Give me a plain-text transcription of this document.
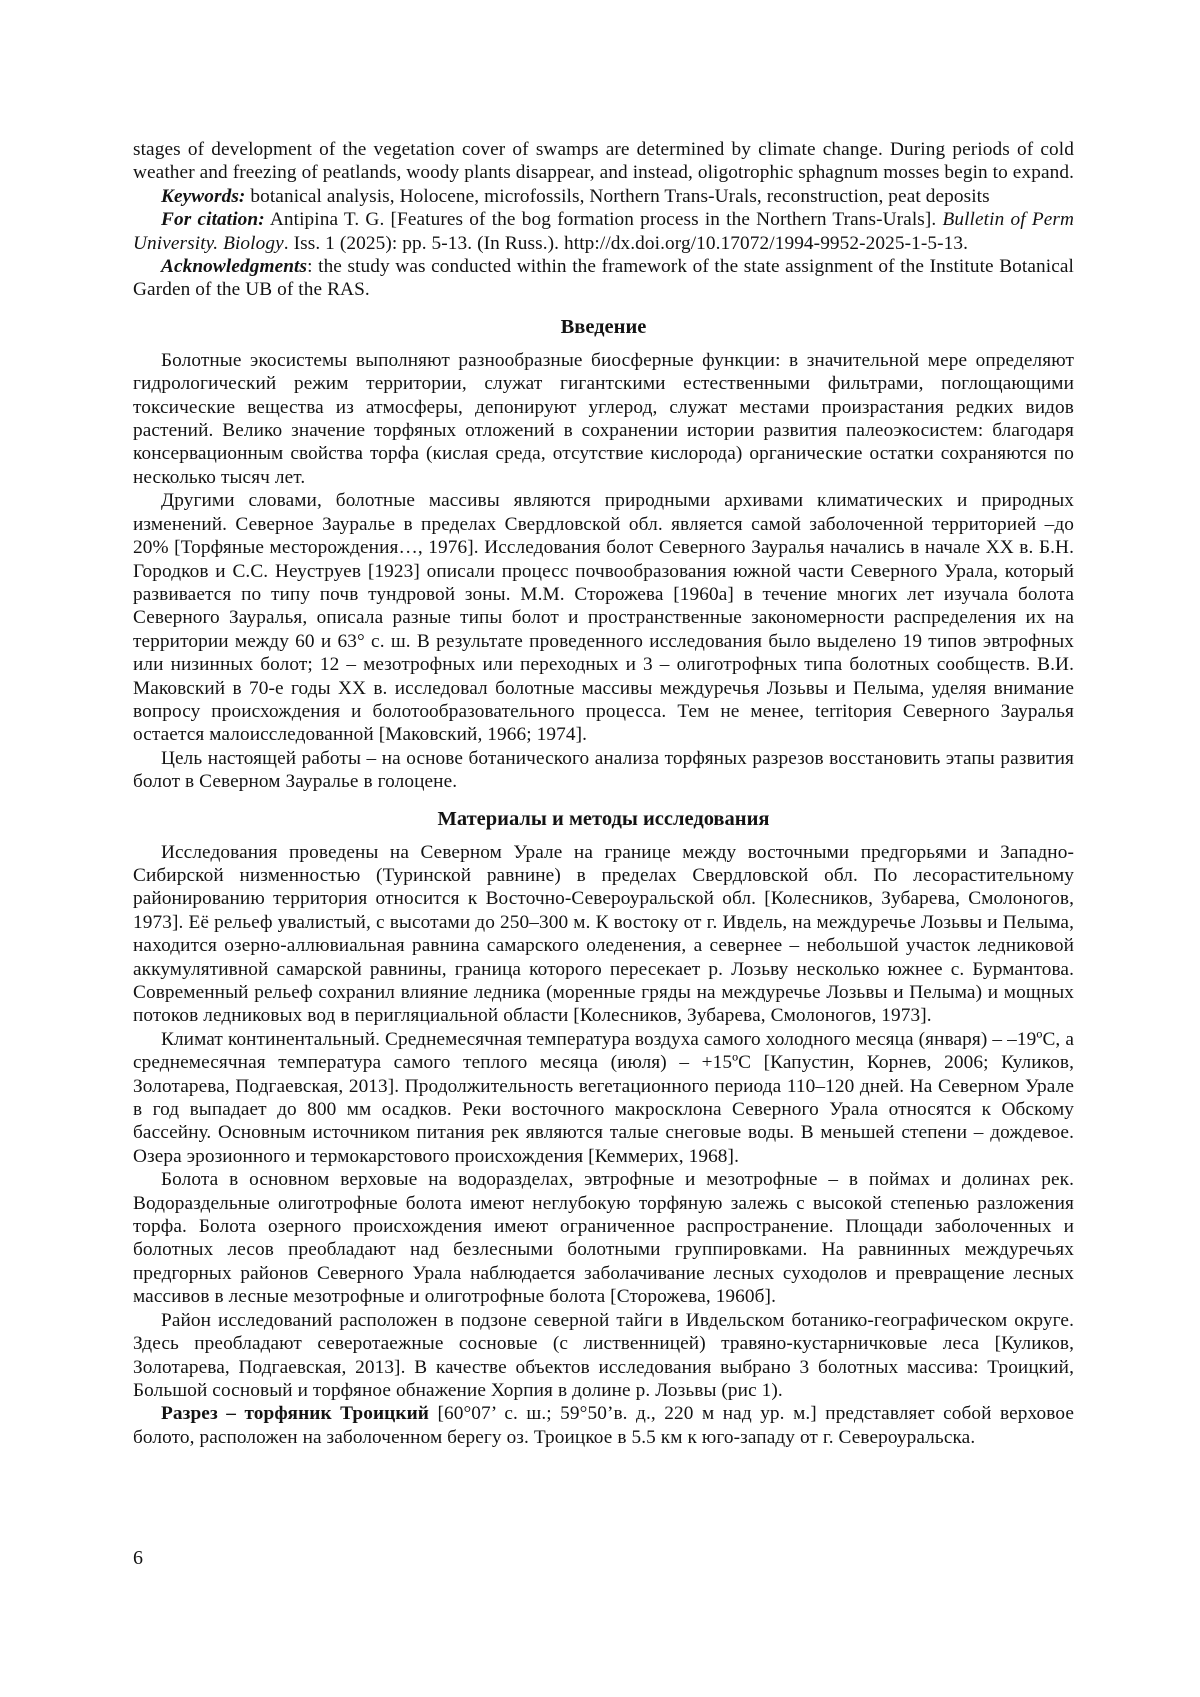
stages of development of the vegetation cover of swamps are determined by climate change. During periods of cold weather and freezing of peatlands, woody plants disappear, and instead, oligotrophic sphagnum mosses begin to expand.

Keywords: botanical analysis, Holocene, microfossils, Northern Trans-Urals, reconstruction, peat deposits

For citation: Antipina T. G. [Features of the bog formation process in the Northern Trans-Urals]. Bulletin of Perm University. Biology. Iss. 1 (2025): pp. 5-13. (In Russ.). http://dx.doi.org/10.17072/1994-9952-2025-1-5-13.

Acknowledgments: the study was conducted within the framework of the state assignment of the Institute Botanical Garden of the UB of the RAS.

Введение

Болотные экосистемы выполняют разнообразные биосферные функции: в значительной мере определяют гидрологический режим территории, служат гигантскими естественными фильтрами, поглощающими токсические вещества из атмосферы, депонируют углерод, служат местами произрастания редких видов растений. Велико значение торфяных отложений в сохранении истории развития палеоэкосистем: благодаря консервационным свойства торфа (кислая среда, отсутствие кислорода) органические остатки сохраняются по несколько тысяч лет.

Другими словами, болотные массивы являются природными архивами климатических и природных изменений. Северное Зауралье в пределах Свердловской обл. является самой заболоченной территорией –до 20% [Торфяные месторождения…, 1976]. Исследования болот Северного Зауралья начались в начале XX в. Б.Н. Городков и С.С. Неуструев [1923] описали процесс почвообразования южной части Северного Урала, который развивается по типу почв тундровой зоны. М.М. Сторожева [1960а] в течение многих лет изучала болота Северного Зауралья, описала разные типы болот и пространственные закономерности распределения их на территории между 60 и 63° с. ш. В результате проведенного исследования было выделено 19 типов эвтрофных или низинных болот; 12 – мезотрофных или переходных и 3 – олиготрофных типа болотных сообществ. В.И. Маковский в 70-е годы XX в. исследовал болотные массивы междуречья Лозьвы и Пелыма, уделяя внимание вопросу происхождения и болотообразовательного процесса. Тем не менее, territория Северного Зауралья остается малоисследованной [Маковский, 1966; 1974].

Цель настоящей работы – на основе ботанического анализа торфяных разрезов восстановить этапы развития болот в Северном Зауралье в голоцене.

Материалы и методы исследования

Исследования проведены на Северном Урале на границе между восточными предгорьями и Западно-Сибирской низменностью (Туринской равнине) в пределах Свердловской обл. По лесорастительному районированию территория относится к Восточно-Североуральской обл. [Колесников, Зубарева, Смолоногов, 1973]. Её рельеф увалистый, с высотами до 250–300 м. К востоку от г. Ивдель, на междуречье Лозьвы и Пелыма, находится озерно-аллювиальная равнина самарского оледенения, а севернее – небольшой участок ледниковой аккумулятивной самарской равнины, граница которого пересекает р. Лозьву несколько южнее с. Бурмантова. Современный рельеф сохранил влияние ледника (моренные гряды на междуречье Лозьвы и Пелыма) и мощных потоков ледниковых вод в перигляциальной области [Колесников, Зубарева, Смолоногов, 1973].

Климат континентальный. Среднемесячная температура воздуха самого холодного месяца (января) – –19ºС, а среднемесячная температура самого теплого месяца (июля) – +15ºС [Капустин, Корнев, 2006; Куликов, Золотарева, Подгаевская, 2013]. Продолжительность вегетационного периода 110–120 дней. На Северном Урале в год выпадает до 800 мм осадков. Реки восточного макросклона Северного Урала относятся к Обскому бассейну. Основным источником питания рек являются талые снеговые воды. В меньшей степени – дождевое. Озера эрозионного и термокарстового происхождения [Кеммерих, 1968].

Болота в основном верховые на водоразделах, эвтрофные и мезотрофные – в поймах и долинах рек. Водораздельные олиготрофные болота имеют неглубокую торфяную залежь с высокой степенью разложения торфа. Болота озерного происхождения имеют ограниченное распространение. Площади заболоченных и болотных лесов преобладают над безлесными болотными группировками. На равнинных междуречьях предгорных районов Северного Урала наблюдается заболачивание лесных суходолов и превращение лесных массивов в лесные мезотрофные и олиготрофные болота [Сторожева, 1960б].

Район исследований расположен в подзоне северной тайги в Ивдельском ботанико-географическом округе. Здесь преобладают северотаежные сосновые (с лиственницей) травяно-кустарничковые леса [Куликов, Золотарева, Подгаевская, 2013]. В качестве объектов исследования выбрано 3 болотных массива: Троицкий, Большой сосновый и торфяное обнажение Хорпия в долине р. Лозьвы (рис 1).

Разрез – торфяник Троицкий [60°07’ с. ш.; 59°50’в. д., 220 м над ур. м.] представляет собой верховое болото, расположен на заболоченном берегу оз. Троицкое в 5.5 км к юго-западу от г. Североуральска.

6
